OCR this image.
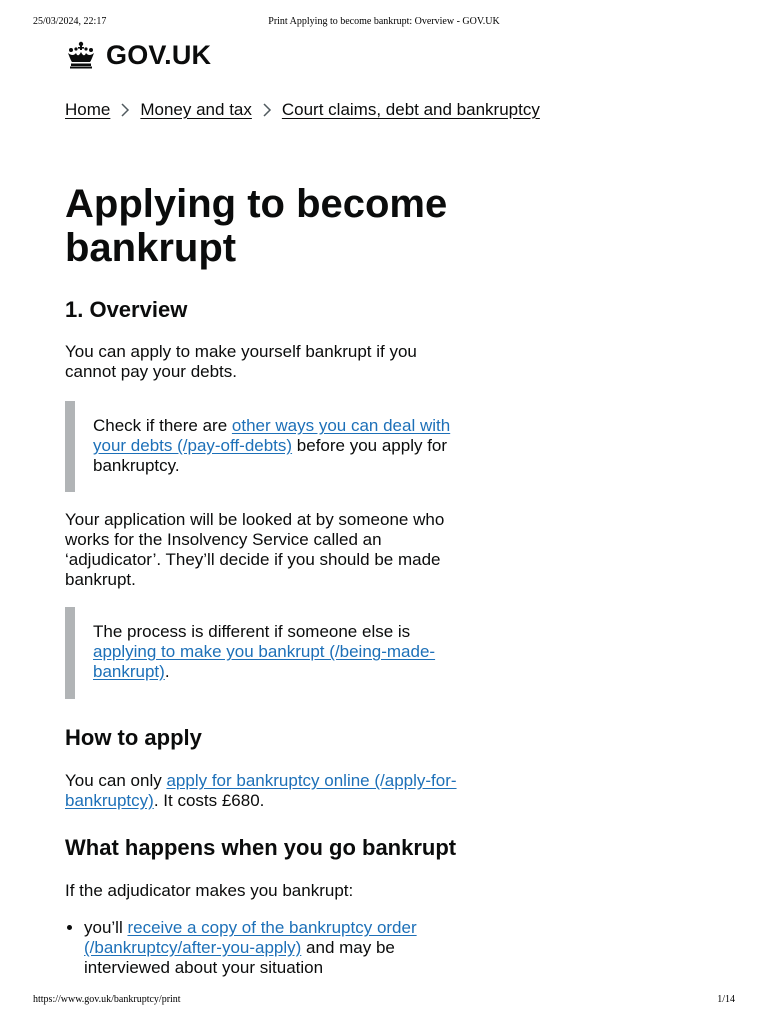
25/03/2024, 22:17	Print Applying to become bankrupt: Overview - GOV.UK
GOV.UK
Home Money and tax Court claims, debt and bankruptcy
Applying to become bankrupt
1. Overview

You can apply to make yourself bankrupt if you cannot pay your debts.

Check if there are other ways you can deal with your debts (/pay-off-debts) before you apply for bankruptcy.

Your application will be looked at by someone who works for the Insolvency Service called an ‘adjudicator’. They’ll decide if you should be made bankrupt.

The process is different if someone else is applying to make you bankrupt (/being-made-bankrupt).
How to apply

You can only apply for bankruptcy online (/apply-for-bankruptcy). It costs £680.

What happens when you go bankrupt

If the adjudicator makes you bankrupt:

• you’ll receive a copy of the bankruptcy order (/bankruptcy/after-you-apply) and may be interviewed about your situation
https://www.gov.uk/bankruptcy/print	1/14
